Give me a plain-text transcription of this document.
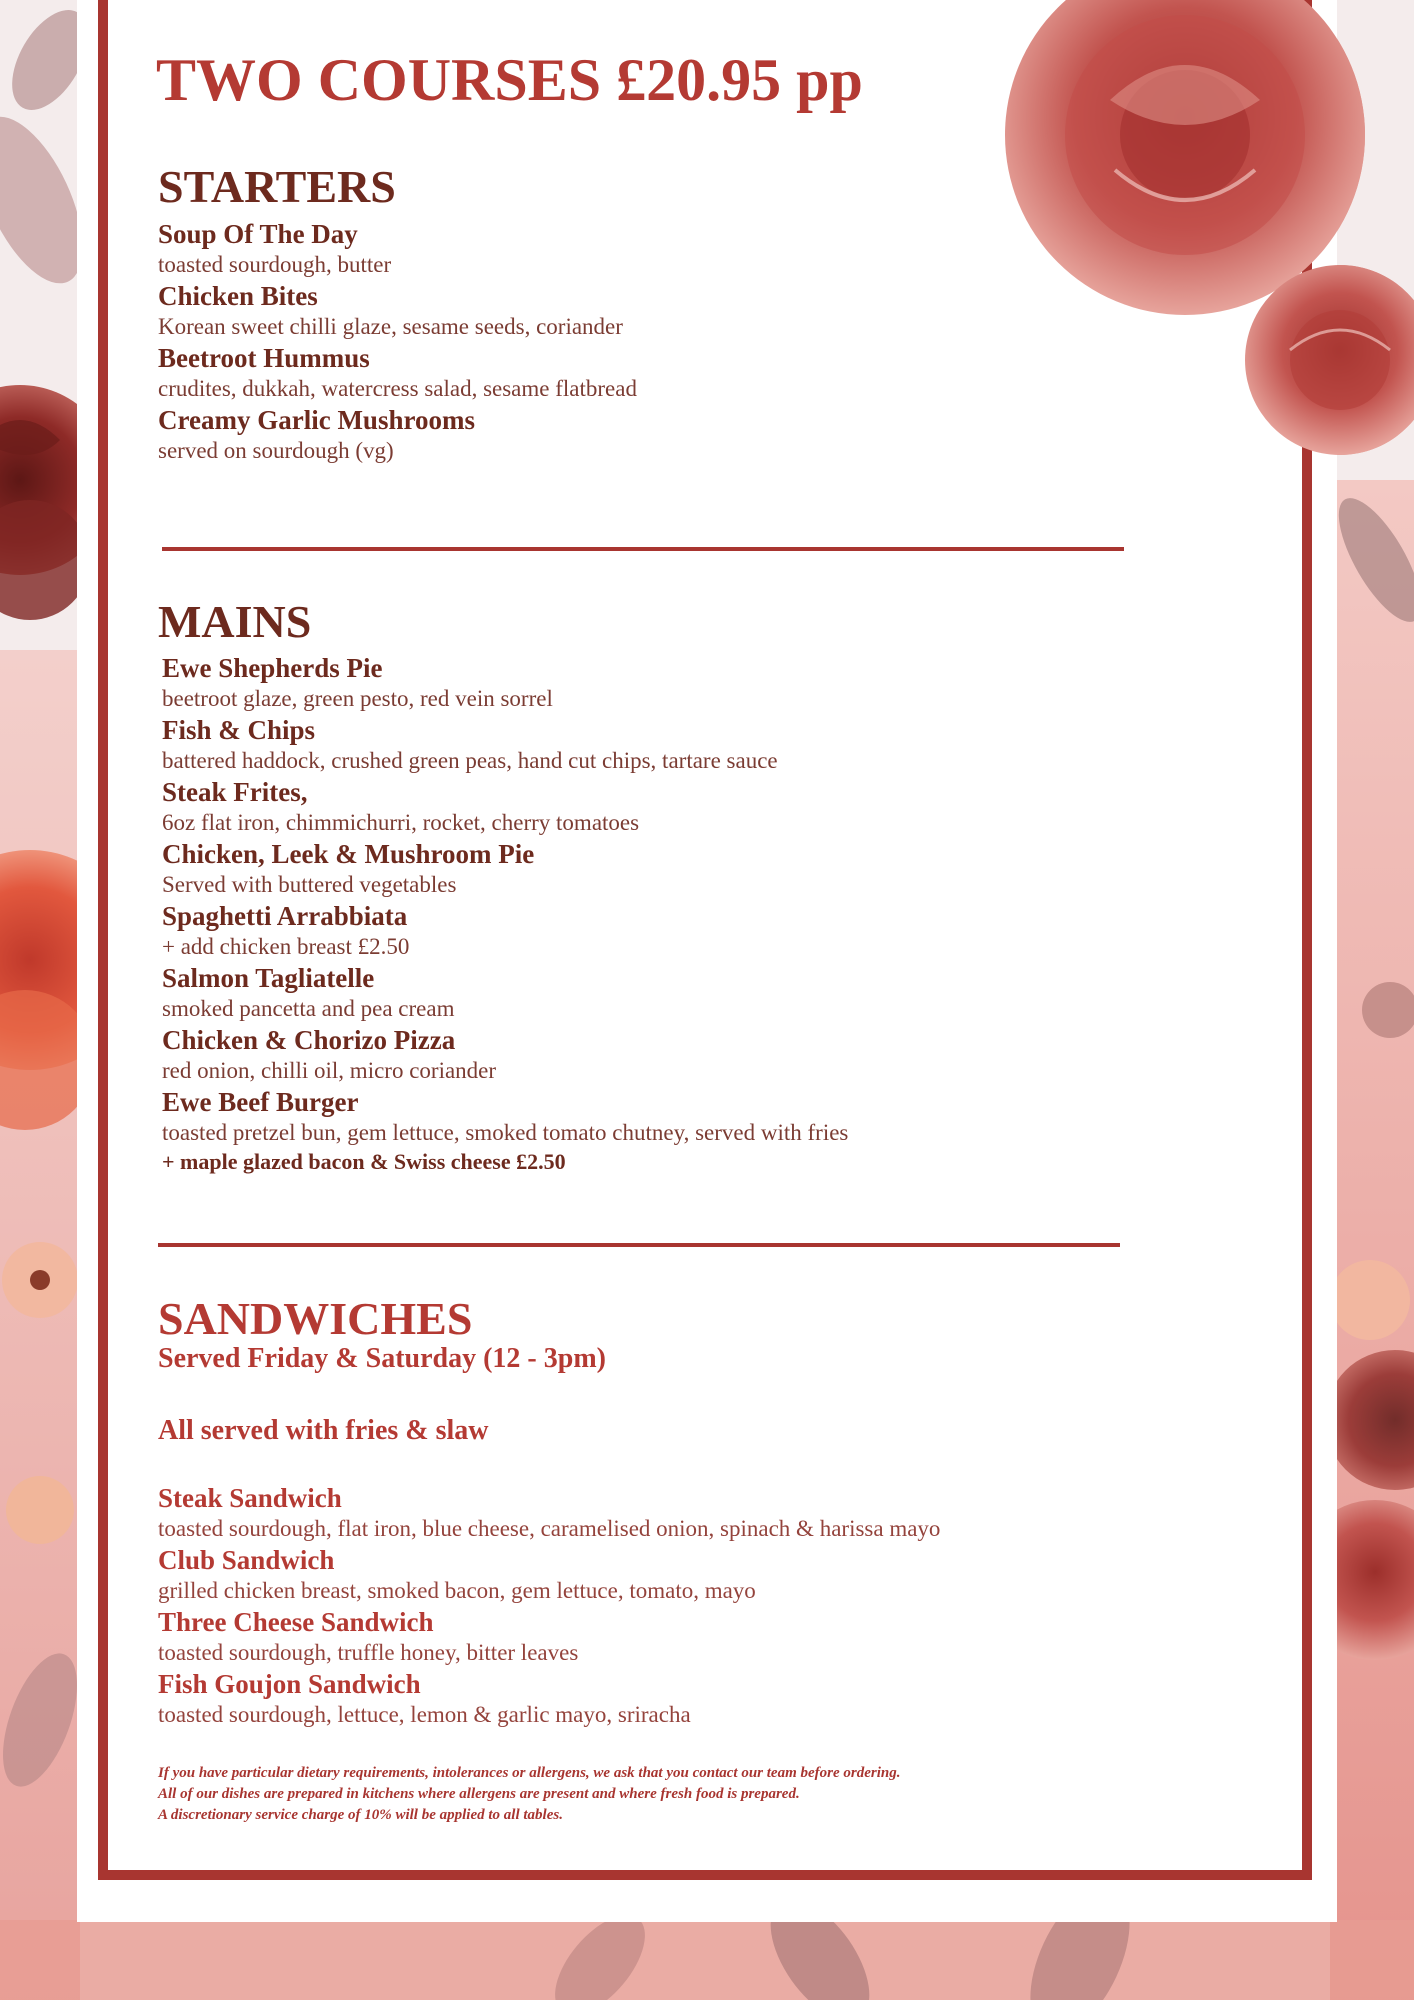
TWO COURSES £20.95 pp
STARTERS
Soup Of The Day
toasted sourdough, butter
Chicken Bites
Korean sweet chilli glaze, sesame seeds, coriander
Beetroot Hummus
crudites, dukkah, watercress salad, sesame flatbread
Creamy Garlic Mushrooms
served on sourdough (vg)
MAINS
Ewe Shepherds Pie
beetroot glaze, green pesto, red vein sorrel
Fish & Chips
battered haddock, crushed green peas, hand cut chips, tartare sauce
Steak Frites,
6oz flat iron, chimmichurri, rocket, cherry tomatoes
Chicken, Leek & Mushroom Pie
Served with buttered vegetables
Spaghetti Arrabbiata
+ add chicken breast £2.50
Salmon Tagliatelle
smoked pancetta and pea cream
Chicken & Chorizo Pizza
red onion, chilli oil, micro coriander
Ewe Beef Burger
toasted pretzel bun, gem lettuce, smoked tomato chutney, served with fries
+ maple glazed bacon & Swiss cheese £2.50
SANDWICHES

Served Friday & Saturday (12 - 3pm)

All served with fries & slaw

Steak Sandwich
toasted sourdough, flat iron, blue cheese, caramelised onion, spinach & harissa mayo
Club Sandwich
grilled chicken breast, smoked bacon, gem lettuce, tomato, mayo
Three Cheese Sandwich
toasted sourdough, truffle honey, bitter leaves
Fish Goujon Sandwich
toasted sourdough, lettuce, lemon & garlic mayo, sriracha
If you have particular dietary requirements, intolerances or allergens, we ask that you contact our team before ordering.
All of our dishes are prepared in kitchens where allergens are present and where fresh food is prepared.
A discretionary service charge of 10% will be applied to all tables.
